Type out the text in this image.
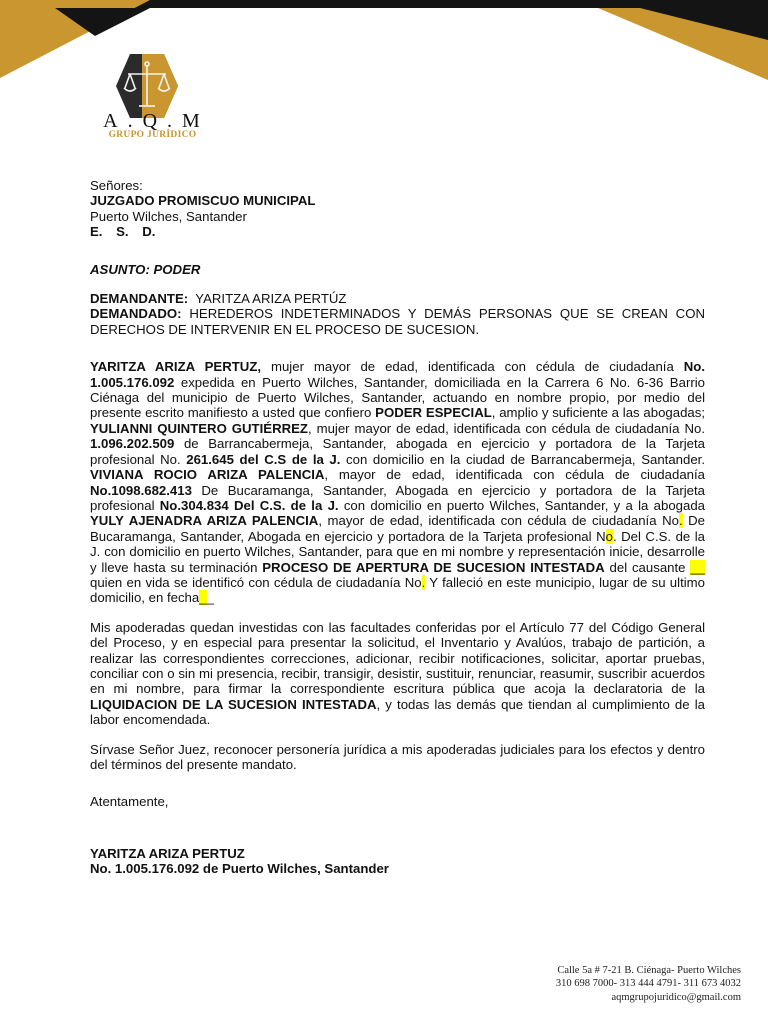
A.Q.M
GRUPO JURÍDICO

Señores:

JUZGADO PROMISCUO MUNICIPAL

Puerto Wilches, Santander

E. S. D.

ASUNTO: PODER

DEMANDANTE: YARITZA ARIZA PERTÚZ

DEMANDADO: HEREDEROS INDETERMINADOS Y DEMÁS PERSONAS QUE SE CREAN CON DERECHOS DE INTERVENIR EN EL PROCESO DE SUCESION.

YARITZA ARIZA PERTUZ, mujer mayor de edad, identificada con cédula de ciudadanía No. 1.005.176.092 expedida en Puerto Wilches, Santander, domiciliada en la Carrera 6 No. 6-36 Barrio Ciénaga del municipio de Puerto Wilches, Santander, actuando en nombre propio, por medio del presente escrito manifiesto a usted que confiero PODER ESPECIAL, amplio y suficiente a las abogadas; YULIANNI QUINTERO GUTIÉRREZ, mujer mayor de edad, identificada con cédula de ciudadanía No. 1.096.202.509 de Barrancabermeja, Santander, abogada en ejercicio y portadora de la Tarjeta profesional No. 261.645 del C.S de la J. con domicilio en la ciudad de Barrancabermeja, Santander. VIVIANA ROCIO ARIZA PALENCIA, mayor de edad, identificada con cédula de ciudadanía No.1098.682.413 De Bucaramanga, Santander, Abogada en ejercicio y portadora de la Tarjeta profesional No.304.834 Del C.S. de la J. con domicilio en puerto Wilches, Santander, y a la abogada YULY AJENADRA ARIZA PALENCIA, mayor de edad, identificada con cédula de ciudadanía No. De Bucaramanga, Santander, Abogada en ejercicio y portadora de la Tarjeta profesional No. Del C.S. de la J. con domicilio en puerto Wilches, Santander, para que en mi nombre y representación inicie, desarrolle y lleve hasta su terminación PROCESO DE APERTURA DE SUCESION INTESTADA del causante __ quien en vida se identificó con cédula de ciudadanía No. Y falleció en este municipio, lugar de su ultimo domicilio, en fecha__

Mis apoderadas quedan investidas con las facultades conferidas por el Artículo 77 del Código General del Proceso, y en especial para presentar la solicitud, el Inventario y Avalúos, trabajo de partición, a realizar las correspondientes correcciones, adicionar, recibir notificaciones, solicitar, aportar pruebas, conciliar con o sin mi presencia, recibir, transigir, desistir, sustituir, renunciar, reasumir, suscribir acuerdos en mi nombre, para firmar la correspondiente escritura pública que acoja la declaratoria de la LIQUIDACION DE LA SUCESION INTESTADA, y todas las demás que tiendan al cumplimiento de la labor encomendada.

Sírvase Señor Juez, reconocer personería jurídica a mis apoderadas judiciales para los efectos y dentro del términos del presente mandato.

Atentamente,

YARITZA ARIZA PERTUZ

No. 1.005.176.092 de Puerto Wilches, Santander

Calle 5a # 7-21 B. Ciénaga- Puerto Wilches
310 698 7000- 313 444 4791- 311 673 4032
aqmgrupojuridico@gmail.com
